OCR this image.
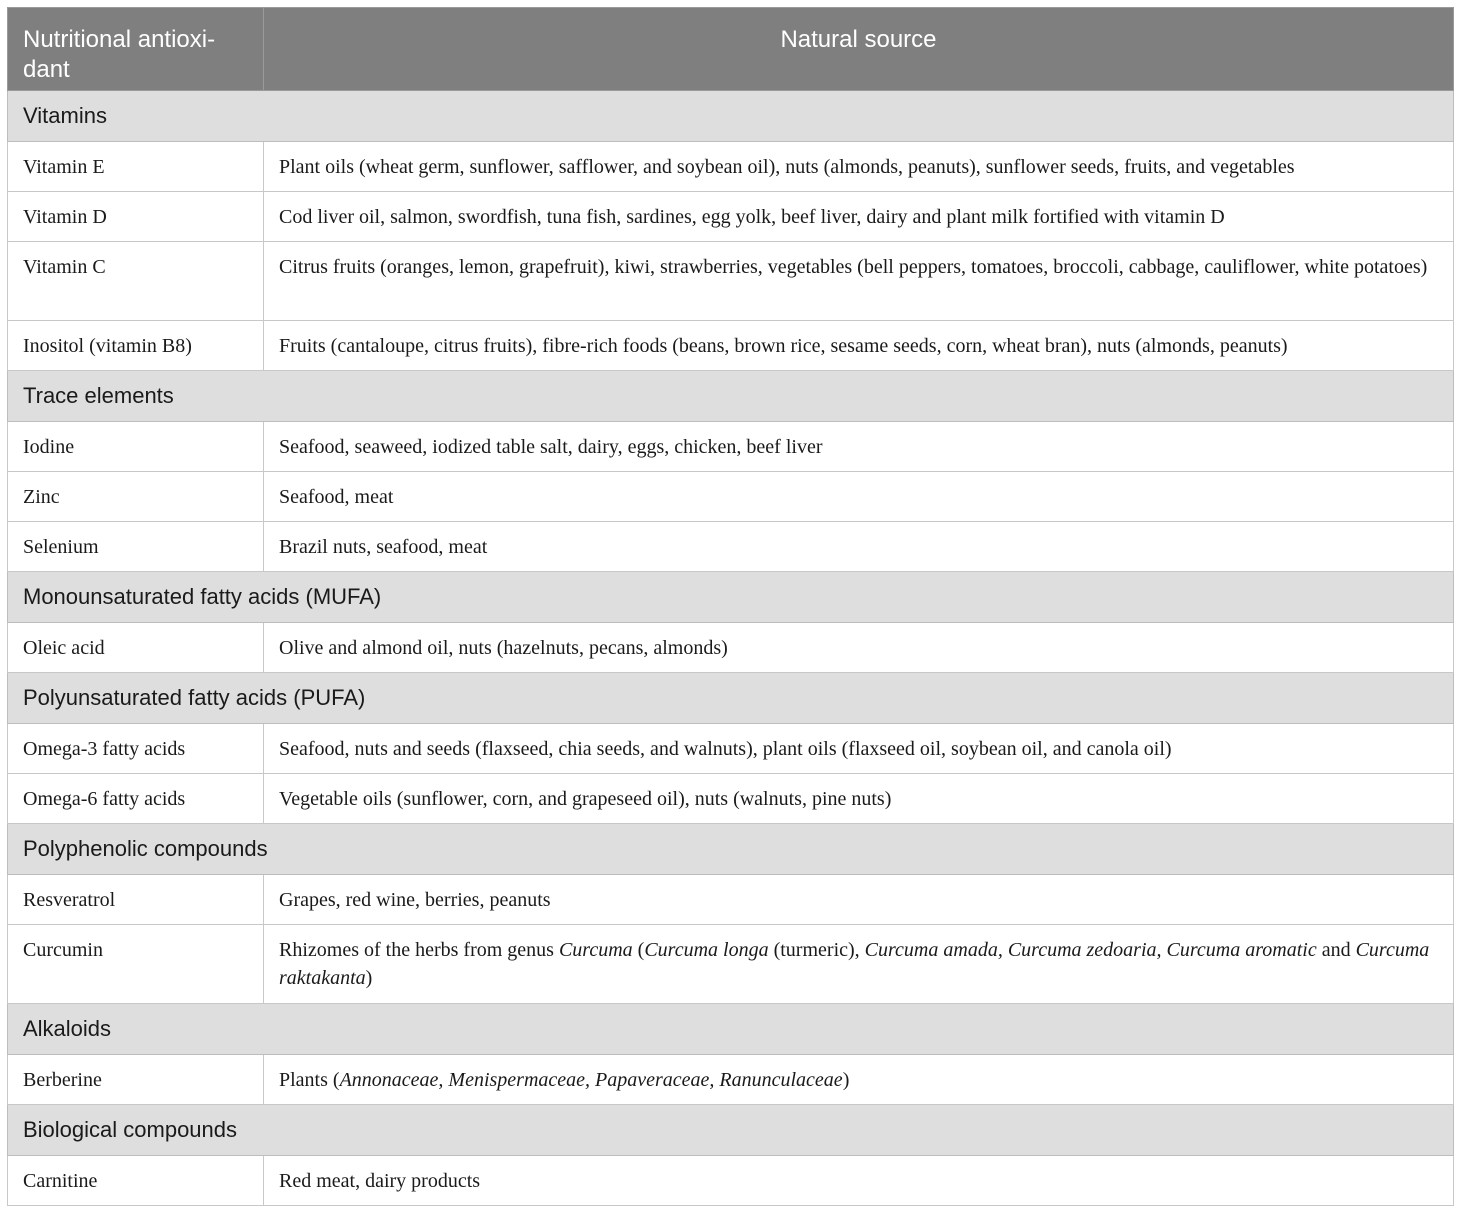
Nutritional antioxi-
dant	Natural source
Vitamins	
Vitamin E	Plant oils (wheat germ, sunflower, safflower, and soybean oil), nuts (almonds, peanuts), sunflower seeds, fruits, and vegetables
Vitamin D	Cod liver oil, salmon, swordfish, tuna fish, sardines, egg yolk, beef liver, dairy and plant milk fortified with vitamin D
Vitamin C	Citrus fruits (oranges, lemon, grapefruit), kiwi, strawberries, vegetables (bell peppers, tomatoes, broccoli, cabbage, cauliflower, white potatoes)
Inositol (vitamin B8)	Fruits (cantaloupe, citrus fruits), fibre-rich foods (beans, brown rice, sesame seeds, corn, wheat bran), nuts (almonds, peanuts)
Trace elements	
Iodine	Seafood, seaweed, iodized table salt, dairy, eggs, chicken, beef liver
Zinc	Seafood, meat
Selenium	Brazil nuts, seafood, meat
Monounsaturated fatty acids (MUFA)	
Oleic acid	Olive and almond oil, nuts (hazelnuts, pecans, almonds)
Polyunsaturated fatty acids (PUFA)	
Omega-3 fatty acids	Seafood, nuts and seeds (flaxseed, chia seeds, and walnuts), plant oils (flaxseed oil, soybean oil, and canola oil)
Omega-6 fatty acids	Vegetable oils (sunflower, corn, and grapeseed oil), nuts (walnuts, pine nuts)
Polyphenolic compounds	
Resveratrol	Grapes, red wine, berries, peanuts
Curcumin	Rhizomes of the herbs from genus Curcuma (Curcuma longa (turmeric), Curcuma amada, Curcuma zedoaria, Curcuma aromatic and Curcuma raktakanta)
Alkaloids	
Berberine	Plants (Annonaceae, Menispermaceae, Papaveraceae, Ranunculaceae)
Biological compounds	
Carnitine	Red meat, dairy products
